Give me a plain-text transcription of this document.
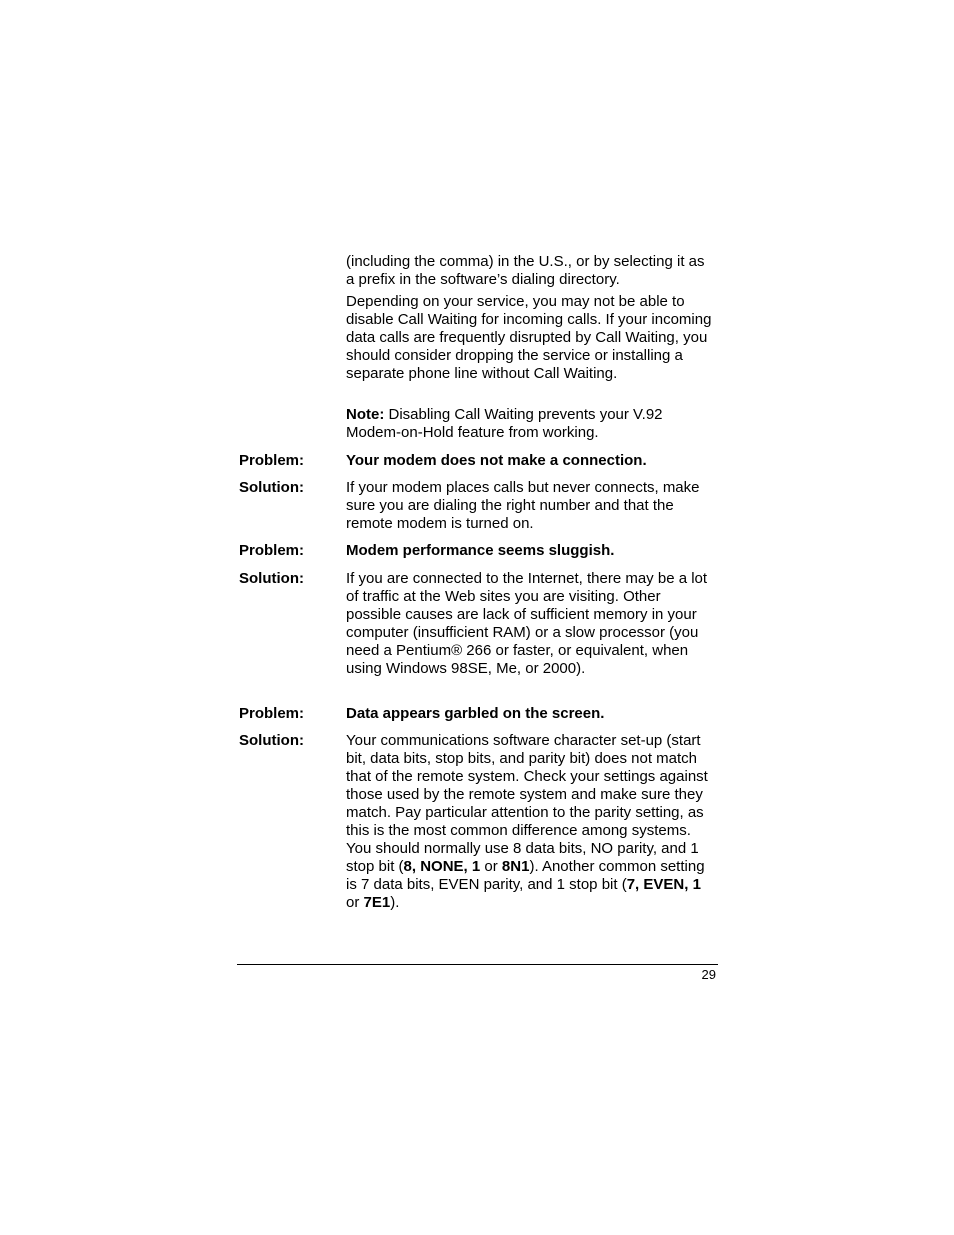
(including the comma) in the U.S., or by selecting it as a prefix in the software’s dialing directory.

Depending on your service, you may not be able to disable Call Waiting for incoming calls. If your incoming data calls are frequently disrupted by Call Waiting, you should consider dropping the service or installing a separate phone line without Call Waiting.

Note: Disabling Call Waiting prevents your V.92 Modem-on-Hold feature from working.

Problem:	Your modem does not make a connection.

Solution:	If your modem places calls but never connects, make sure you are dialing the right number and that the remote modem is turned on.

Problem:	Modem performance seems sluggish.

Solution:	If you are connected to the Internet, there may be a lot of traffic at the Web sites you are visiting. Other possible causes are lack of sufficient memory in your computer (insufficient RAM) or a slow processor (you need a Pentium® 266 or faster, or equivalent, when using Windows 98SE, Me, or 2000).

Problem:	Data appears garbled on the screen.

Solution:	Your communications software character set-up (start bit, data bits, stop bits, and parity bit) does not match that of the remote system. Check your settings against those used by the remote system and make sure they match. Pay particular attention to the parity setting, as this is the most common difference among systems. You should normally use 8 data bits, NO parity, and 1 stop bit (8, NONE, 1 or 8N1). Another common setting is 7 data bits, EVEN parity, and 1 stop bit (7, EVEN, 1 or 7E1).

29
